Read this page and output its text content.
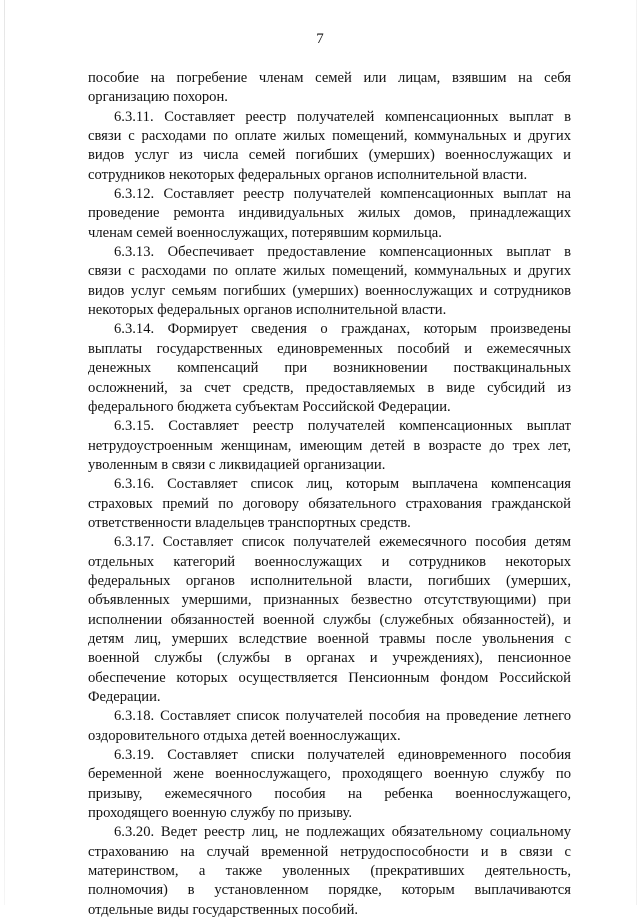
7
пособие на погребение членам семей или лицам, взявшим на себя
организацию похорон.
6.3.11. Составляет реестр получателей компенсационных выплат в
связи с расходами по оплате жилых помещений, коммунальных и других
видов услуг из числа семей погибших (умерших) военнослужащих и
сотрудников некоторых федеральных органов исполнительной власти.
6.3.12. Составляет реестр получателей компенсационных выплат на
проведение ремонта индивидуальных жилых домов, принадлежащих
членам семей военнослужащих, потерявшим кормильца.
6.3.13. Обеспечивает предоставление компенсационных выплат в
связи с расходами по оплате жилых помещений, коммунальных и других
видов услуг семьям погибших (умерших) военнослужащих и сотрудников
некоторых федеральных органов исполнительной власти.
6.3.14. Формирует сведения о гражданах, которым произведены
выплаты государственных единовременных пособий и ежемесячных
денежных компенсаций при возникновении поствакцинальных
осложнений, за счет средств, предоставляемых в виде субсидий из
федерального бюджета субъектам Российской Федерации.
6.3.15. Составляет реестр получателей компенсационных выплат
нетрудоустроенным женщинам, имеющим детей в возрасте до трех лет,
уволенным в связи с ликвидацией организации.
6.3.16. Составляет список лиц, которым выплачена компенсация
страховых премий по договору обязательного страхования гражданской
ответственности владельцев транспортных средств.
6.3.17. Составляет список получателей ежемесячного пособия детям
отдельных категорий военнослужащих и сотрудников некоторых
федеральных органов исполнительной власти, погибших (умерших,
объявленных умершими, признанных безвестно отсутствующими) при
исполнении обязанностей военной службы (служебных обязанностей), и
детям лиц, умерших вследствие военной травмы после увольнения с
военной службы (службы в органах и учреждениях), пенсионное
обеспечение которых осуществляется Пенсионным фондом Российской
Федерации.
6.3.18. Составляет список получателей пособия на проведение летнего
оздоровительного отдыха детей военнослужащих.
6.3.19. Составляет списки получателей единовременного пособия
беременной жене военнослужащего, проходящего военную службу по
призыву, ежемесячного пособия на ребенка военнослужащего,
проходящего военную службу по призыву.
6.3.20. Ведет реестр лиц, не подлежащих обязательному социальному
страхованию на случай временной нетрудоспособности и в связи с
материнством, а также уволенных (прекративших деятельность,
полномочия) в установленном порядке, которым выплачиваются
отдельные виды государственных пособий.
